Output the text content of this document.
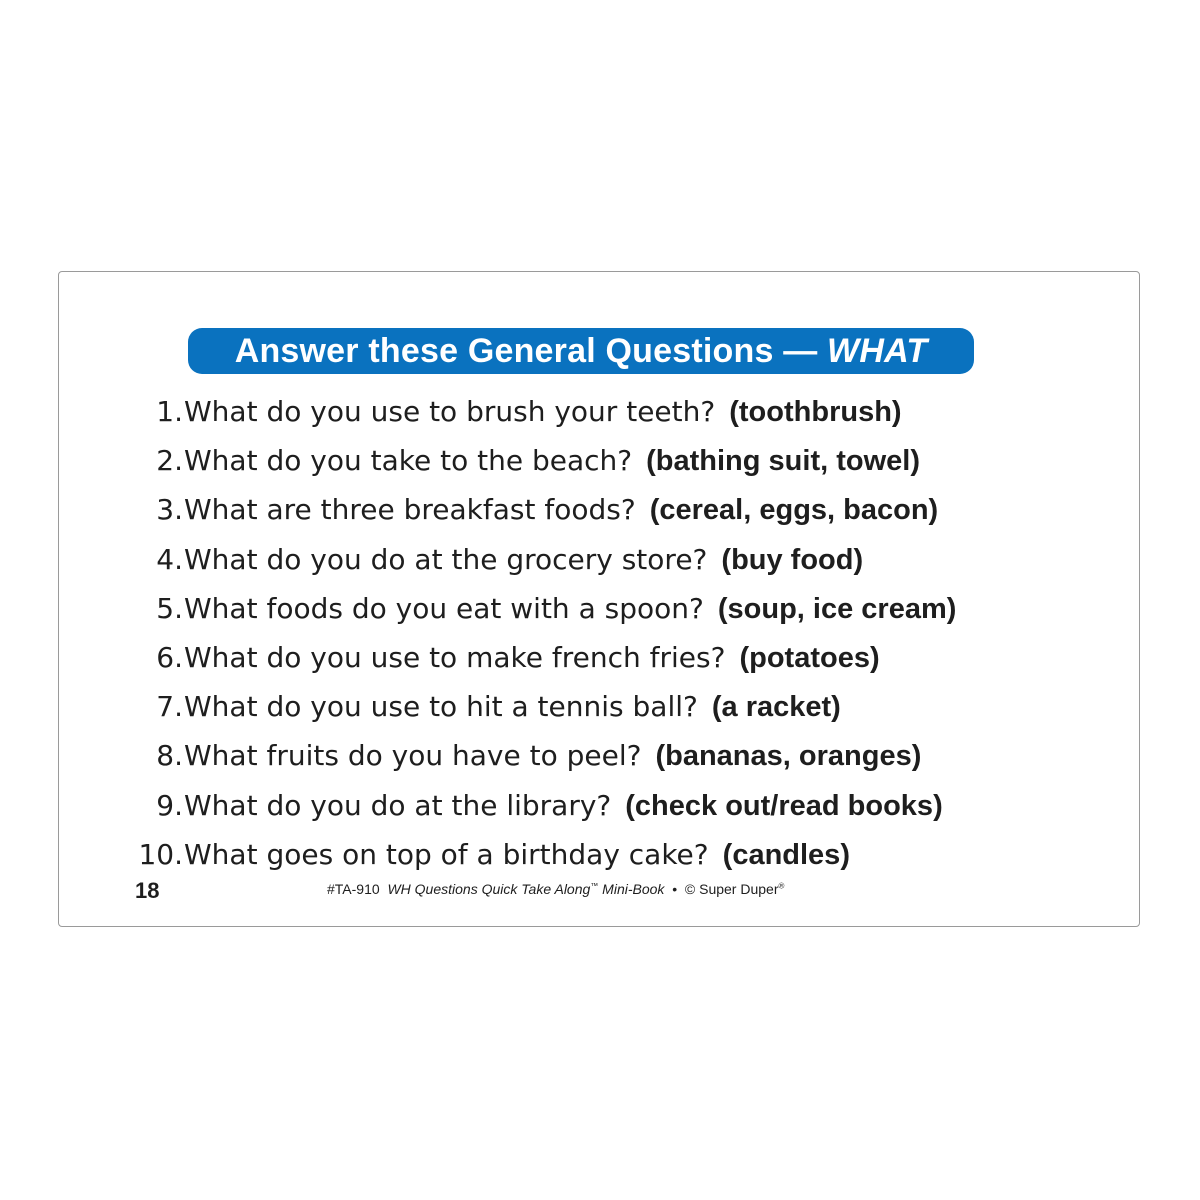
Answer these General Questions — WHAT
1. What do you use to brush your teeth? (toothbrush)
2. What do you take to the beach? (bathing suit, towel)
3. What are three breakfast foods? (cereal, eggs, bacon)
4. What do you do at the grocery store? (buy food)
5. What foods do you eat with a spoon? (soup, ice cream)
6. What do you use to make french fries? (potatoes)
7. What do you use to hit a tennis ball? (a racket)
8. What fruits do you have to peel? (bananas, oranges)
9. What do you do at the library? (check out/read books)
10. What goes on top of a birthday cake? (candles)
18	#TA-910 WH Questions Quick Take Along™ Mini-Book • © Super Duper®
